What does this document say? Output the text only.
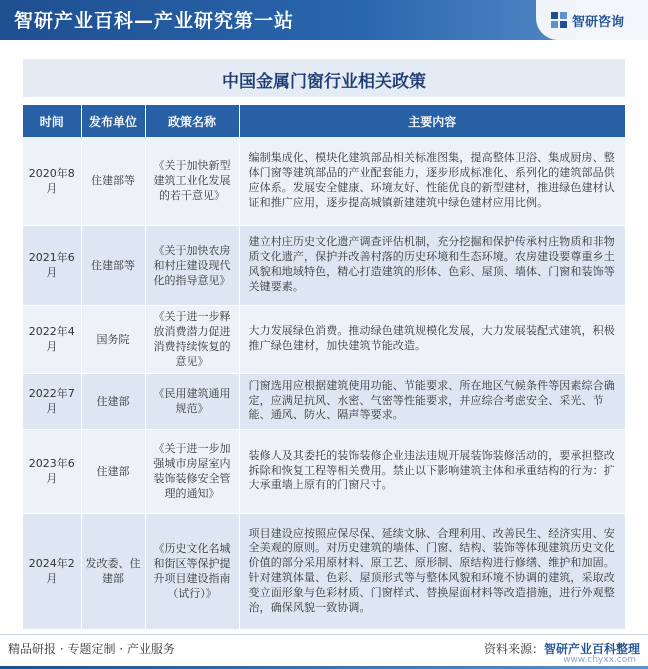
智研产业百科—产业研究第一站	智研咨询
中国金属门窗行业相关政策
时间	发布单位	政策名称	主要内容
2020年8月	住建部等	《关于加快新型建筑工业化发展的若干意见》	编制集成化、模块化建筑部品相关标准图集，提高整体卫浴、集成厨房、整体门窗等建筑部品的产业配套能力，逐步形成标准化、系列化的建筑部品供应体系。发展安全健康、环境友好、性能优良的新型建材，推进绿色建材认证和推广应用，逐步提高城镇新建建筑中绿色建材应用比例。
2021年6月	住建部等	《关于加快农房和村庄建设现代化的指导意见》	建立村庄历史文化遗产调查评估机制，充分挖掘和保护传承村庄物质和非物质文化遗产，保护并改善村落的历史环境和生态环境。农房建设要尊重乡土风貌和地域特色，精心打造建筑的形体、色彩、屋顶、墙体、门窗和装饰等关键要素。
2022年4月	国务院	《关于进一步释放消费潜力促进消费持续恢复的意见》	大力发展绿色消费。推动绿色建筑规模化发展，大力发展装配式建筑，积极推广绿色建材，加快建筑节能改造。
2022年7月	住建部	《民用建筑通用规范》	门窗选用应根据建筑使用功能、节能要求、所在地区气候条件等因素综合确定，应满足抗风、水密、气密等性能要求，并应综合考虑安全、采光、节能、通风、防火、隔声等要求。
2023年6月	住建部	《关于进一步加强城市房屋室内装饰装修安全管理的通知》	装修人及其委托的装饰装修企业违法违规开展装饰装修活动的，要承担整改拆除和恢复工程等相关费用。禁止以下影响建筑主体和承重结构的行为：扩大承重墙上原有的门窗尺寸。
2024年2月	发改委、住建部	《历史文化名城和街区等保护提升项目建设指南（试行）》	项目建设应按照应保尽保、延续文脉、合理利用、改善民生、经济实用、安全美观的原则。对历史建筑的墙体、门窗、结构、装饰等体现建筑历史文化价值的部分采用原材料、原工艺、原形制、原结构进行修缮、维护和加固。针对建筑体量、色彩、屋顶形式等与整体风貌和环境不协调的建筑，采取改变立面形象与色彩材质、门窗样式、替换屋面材料等改造措施，进行外观整治，确保风貌一致协调。
精品研报 · 专题定制 · 产业服务	资料来源：智研产业百科整理
www.chyxx.com
